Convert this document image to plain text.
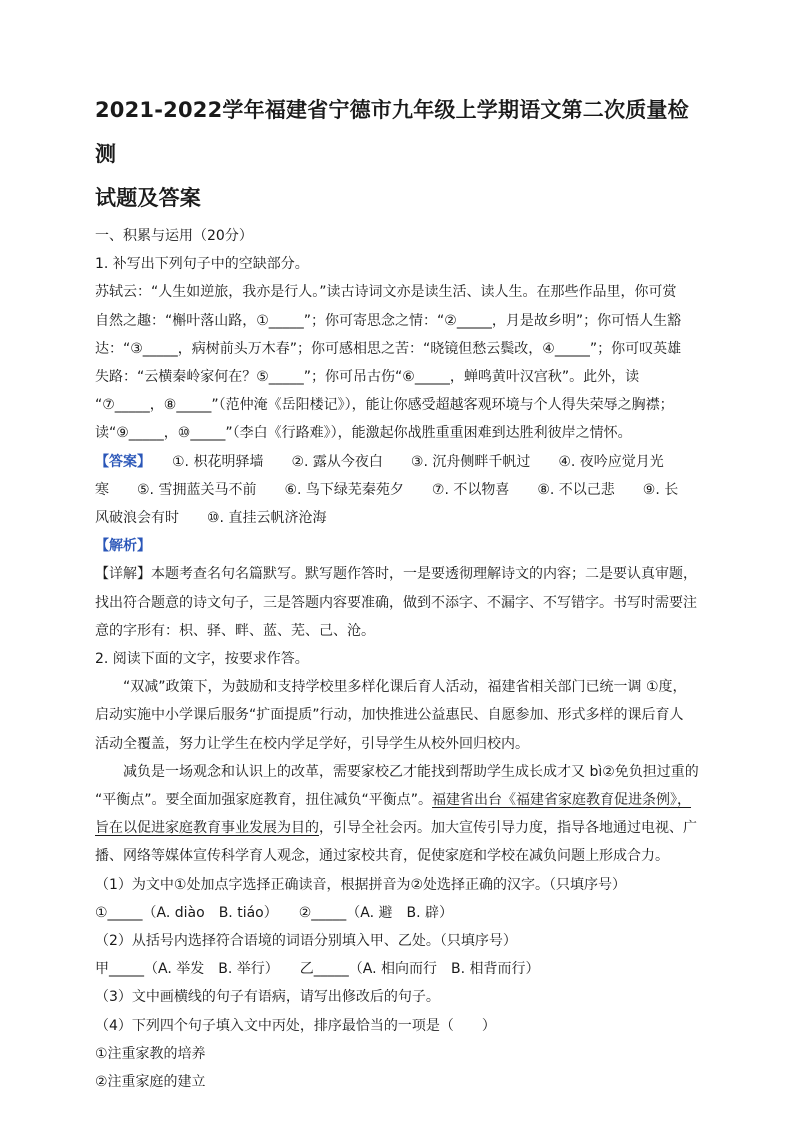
2021-2022学年福建省宁德市九年级上学期语文第二次质量检测
试题及答案
一、积累与运用（20分）
1. 补写出下列句子中的空缺部分。
苏轼云：“人生如逆旅，我亦是行人。”读古诗词文亦是读生活、读人生。在那些作品里，你可赏
自然之趣：“槲叶落山路，①_____”；你可寄思念之情：“②_____，月是故乡明”；你可悟人生豁
达：“③_____，病树前头万木春”；你可感相思之苦：“晓镜但愁云鬓改，④_____”；你可叹英雄
失路：“云横秦岭家何在？⑤_____”；你可吊古伤“⑥_____，蝉鸣黄叶汉宫秋”。此外，读
“⑦_____，⑧_____”（范仲淹《岳阳楼记》），能让你感受超越客观环境与个人得失荣辱之胸襟；
读“⑨_____，⑩_____”（李白《行路难》），能激起你战胜重重困难到达胜利彼岸之情怀。
【答案】　　①. 枳花明驿墙　　②. 露从今夜白　　③. 沉舟侧畔千帆过　　④. 夜吟应觉月光
寒　　⑤. 雪拥蓝关马不前　　⑥. 鸟下绿芜秦苑夕　　⑦. 不以物喜　　⑧. 不以己悲　　⑨. 长
风破浪会有时　　⑩. 直挂云帆济沧海
【解析】
【详解】本题考查名句名篇默写。默写题作答时，一是要透彻理解诗文的内容；二是要认真审题，
找出符合题意的诗文句子，三是答题内容要准确，做到不添字、不漏字、不写错字。书写时需要注
意的字形有：枳、驿、畔、蓝、芜、己、沧。
2. 阅读下面的文字，按要求作答。
“双减”政策下，为鼓励和支持学校里多样化课后育人活动，福建省相关部门已统一调 ①度，
启动实施中小学课后服务“扩面提质”行动，加快推进公益惠民、自愿参加、形式多样的课后育人
活动全覆盖，努力让学生在校内学足学好，引导学生从校外回归校内。
减负是一场观念和认识上的改革，需要家校乙才能找到帮助学生成长成才又 bì②免负担过重的
“平衡点”。要全面加强家庭教育，扭住减负“平衡点”。福建省出台《福建省家庭教育促进条例》，
旨在以促进家庭教育事业发展为目的，引导全社会丙。加大宣传引导力度，指导各地通过电视、广
播、网络等媒体宣传科学育人观念，通过家校共育，促使家庭和学校在减负问题上形成合力。
（1）为文中①处加点字选择正确读音，根据拼音为②处选择正确的汉字。（只填序号）
①_____（A. diào　B. tiáo）　　②_____（A. 避　B. 辟）
（2）从括号内选择符合语境的词语分别填入甲、乙处。（只填序号）
甲_____（A. 举发　B. 举行）　　乙_____（A. 相向而行　B. 相背而行）
（3）文中画横线的句子有语病，请写出修改后的句子。
（4）下列四个句子填入文中丙处，排序最恰当的一项是（　　）
①注重家教的培养
②注重家庭的建立
